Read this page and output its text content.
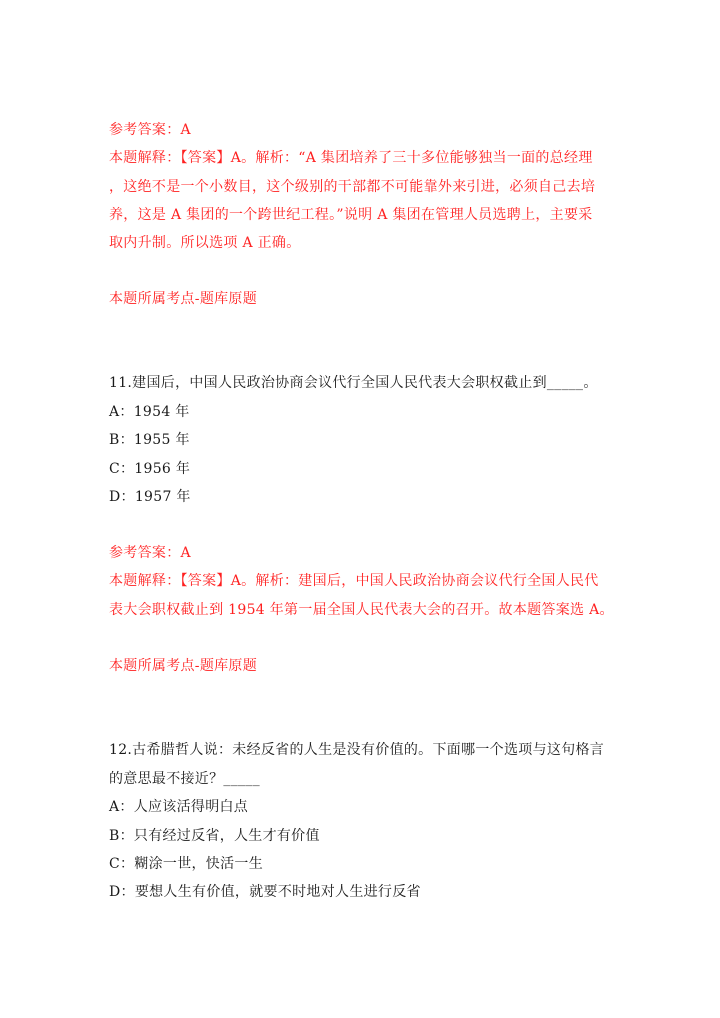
参考答案：A
本题解释：【答案】A。解析：“A 集团培养了三十多位能够独当一面的总经理
，这绝不是一个小数目，这个级别的干部都不可能靠外来引进，必须自己去培
养，这是 A 集团的一个跨世纪工程。”说明 A 集团在管理人员选聘上，主要采
取内升制。所以选项 A 正确。
本题所属考点-题库原题
11.建国后，中国人民政治协商会议代行全国人民代表大会职权截止到_____。
A：1954 年
B：1955 年
C：1956 年
D：1957 年
参考答案：A
本题解释：【答案】A。解析：建国后，中国人民政治协商会议代行全国人民代
表大会职权截止到 1954 年第一届全国人民代表大会的召开。故本题答案选 A。
本题所属考点-题库原题
12.古希腊哲人说：未经反省的人生是没有价值的。下面哪一个选项与这句格言
的意思最不接近？_____
A：人应该活得明白点
B：只有经过反省，人生才有价值
C：糊涂一世，快活一生
D：要想人生有价值，就要不时地对人生进行反省
